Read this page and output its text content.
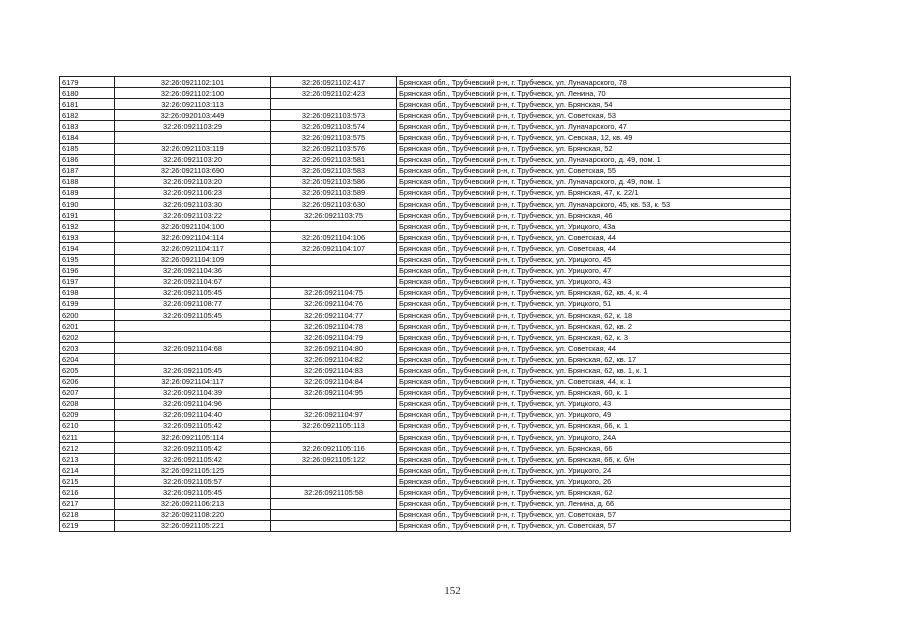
6179	32:26:0921102:101	32:26:0921102:417	Брянская обл., Трубчевский р-н, г. Трубчевск, ул. Луначарского, 78
6180	32:26:0921102:100	32:26:0921102:423	Брянская обл., Трубчевский р-н, г. Трубчевск, ул. Ленина, 70
6181	32:26:0921103:113		Брянская обл., Трубчевский р-н, г. Трубчевск, ул. Брянская, 54
6182	32:26:0920103:449	32:26:0921103:573	Брянская обл., Трубчевский р-н, г. Трубчевск, ул. Советская, 53
6183	32:26:0921103:29	32:26:0921103:574	Брянская обл., Трубчевский р-н, г. Трубчевск, ул. Луначарского, 47
6184		32:26:0921103:575	Брянская обл., Трубчевский р-н, г. Трубчевск, ул. Севская, 12, кв. 49
6185	32:26:0921103:119	32:26:0921103:576	Брянская обл., Трубчевский р-н, г. Трубчевск, ул. Брянская, 52
6186	32:26:0921103:20	32:26:0921103:581	Брянская обл., Трубчевский р-н, г. Трубчевск, ул. Луначарского, д. 49, пом. 1
6187	32:26:0921103:690	32:26:0921103:583	Брянская обл., Трубчевский р-н, г. Трубчевск, ул. Советская, 55
6188	32:26:0921103:20	32:26:0921103:586	Брянская обл., Трубчевский р-н, г. Трубчевск, ул. Луначарского, д. 49, пом. 1
6189	32:26:0921106:23	32:26:0921103:589	Брянская обл., Трубчевский р-н, г. Трубчевск, ул. Брянская, 47, к. 22/1
6190	32:26:0921103:30	32:26:0921103:630	Брянская обл., Трубчевский р-н, г. Трубчевск, ул. Луначарского, 45, кв. 53, к. 53
6191	32:26:0921103:22	32:26:0921103:75	Брянская обл., Трубчевский р-н, г. Трубчевск, ул. Брянская, 46
6192	32:26:0921104:100		Брянская обл., Трубчевский р-н, г. Трубчевск, ул. Урицкого, 43а
6193	32:26:0921104:114	32:26:0921104:106	Брянская обл., Трубчевский р-н, г. Трубчевск, ул. Советская, 44
6194	32:26:0921104:117	32:26:0921104:107	Брянская обл., Трубчевский р-н, г. Трубчевск, ул. Советская, 44
6195	32:26:0921104:109		Брянская обл., Трубчевский р-н, г. Трубчевск, ул. Урицкого, 45
6196	32:26:0921104:36		Брянская обл., Трубчевский р-н, г. Трубчевск, ул. Урицкого, 47
6197	32:26:0921104:67		Брянская обл., Трубчевский р-н, г. Трубчевск, ул. Урицкого, 43
6198	32:26:0921105:45	32:26:0921104:75	Брянская обл., Трубчевский р-н, г. Трубчевск, ул. Брянская, 62, кв. 4, к. 4
6199	32:26:0921108:77	32:26:0921104:76	Брянская обл., Трубчевский р-н, г. Трубчевск, ул. Урицкого, 51
6200	32:26:0921105:45	32:26:0921104:77	Брянская обл., Трубчевский р-н, г. Трубчевск, ул. Брянская, 62, к. 18
6201		32:26:0921104:78	Брянская обл., Трубчевский р-н, г. Трубчевск, ул. Брянская, 62, кв. 2
6202		32:26:0921104:79	Брянская обл., Трубчевский р-н, г. Трубчевск, ул. Брянская, 62, к. 3
6203	32:26:0921104:68	32:26:0921104:80	Брянская обл., Трубчевский р-н, г. Трубчевск, ул. Советская, 44
6204		32:26:0921104:82	Брянская обл., Трубчевский р-н, г. Трубчевск, ул. Брянская, 62, кв. 17
6205	32:26:0921105:45	32:26:0921104:83	Брянская обл., Трубчевский р-н, г. Трубчевск, ул. Брянская, 62, кв. 1, к. 1
6206	32:26:0921104:117	32:26:0921104:84	Брянская обл., Трубчевский р-н, г. Трубчевск, ул. Советская, 44, к. 1
6207	32:26:0921104:39	32:26:0921104:95	Брянская обл., Трубчевский р-н, г. Трубчевск, ул. Брянская, 60, к. 1
6208	32:26:0921104:96		Брянская обл., Трубчевский р-н, г. Трубчевск, ул. Урицкого, 43
6209	32:26:0921104:40	32:26:0921104:97	Брянская обл., Трубчевский р-н, г. Трубчевск, ул. Урицкого, 49
6210	32:26:0921105:42	32:26:0921105:113	Брянская обл., Трубчевский р-н, г. Трубчевск, ул. Брянская, 66, к. 1
6211	32:26:0921105:114		Брянская обл., Трубчевский р-н, г. Трубчевск, ул. Урицкого, 24А
6212	32:26:0921105:42	32:26:0921105:116	Брянская обл., Трубчевский р-н, г. Трубчевск, ул. Брянская, 66
6213	32:26:0921105:42	32:26:0921105:122	Брянская обл., Трубчевский р-н, г. Трубчевск, ул. Брянская, 66, к. б/н
6214	32:26:0921105:125		Брянская обл., Трубчевский р-н, г. Трубчевск, ул. Урицкого, 24
6215	32:26:0921105:57		Брянская обл., Трубчевский р-н, г. Трубчевск, ул. Урицкого, 26
6216	32:26:0921105:45	32:26:0921105:58	Брянская обл., Трубчевский р-н, г. Трубчевск, ул. Брянская, 62
6217	32:26:0921106:213		Брянская обл., Трубчевский р-н, г. Трубчевск, ул. Ленина, д. 66
6218	32:26:0921108:220		Брянская обл., Трубчевский р-н, г. Трубчевск, ул. Советская, 57
6219	32:26:0921105:221		Брянская обл., Трубчевский р-н, г. Трубчевск, ул. Советская, 57
152
